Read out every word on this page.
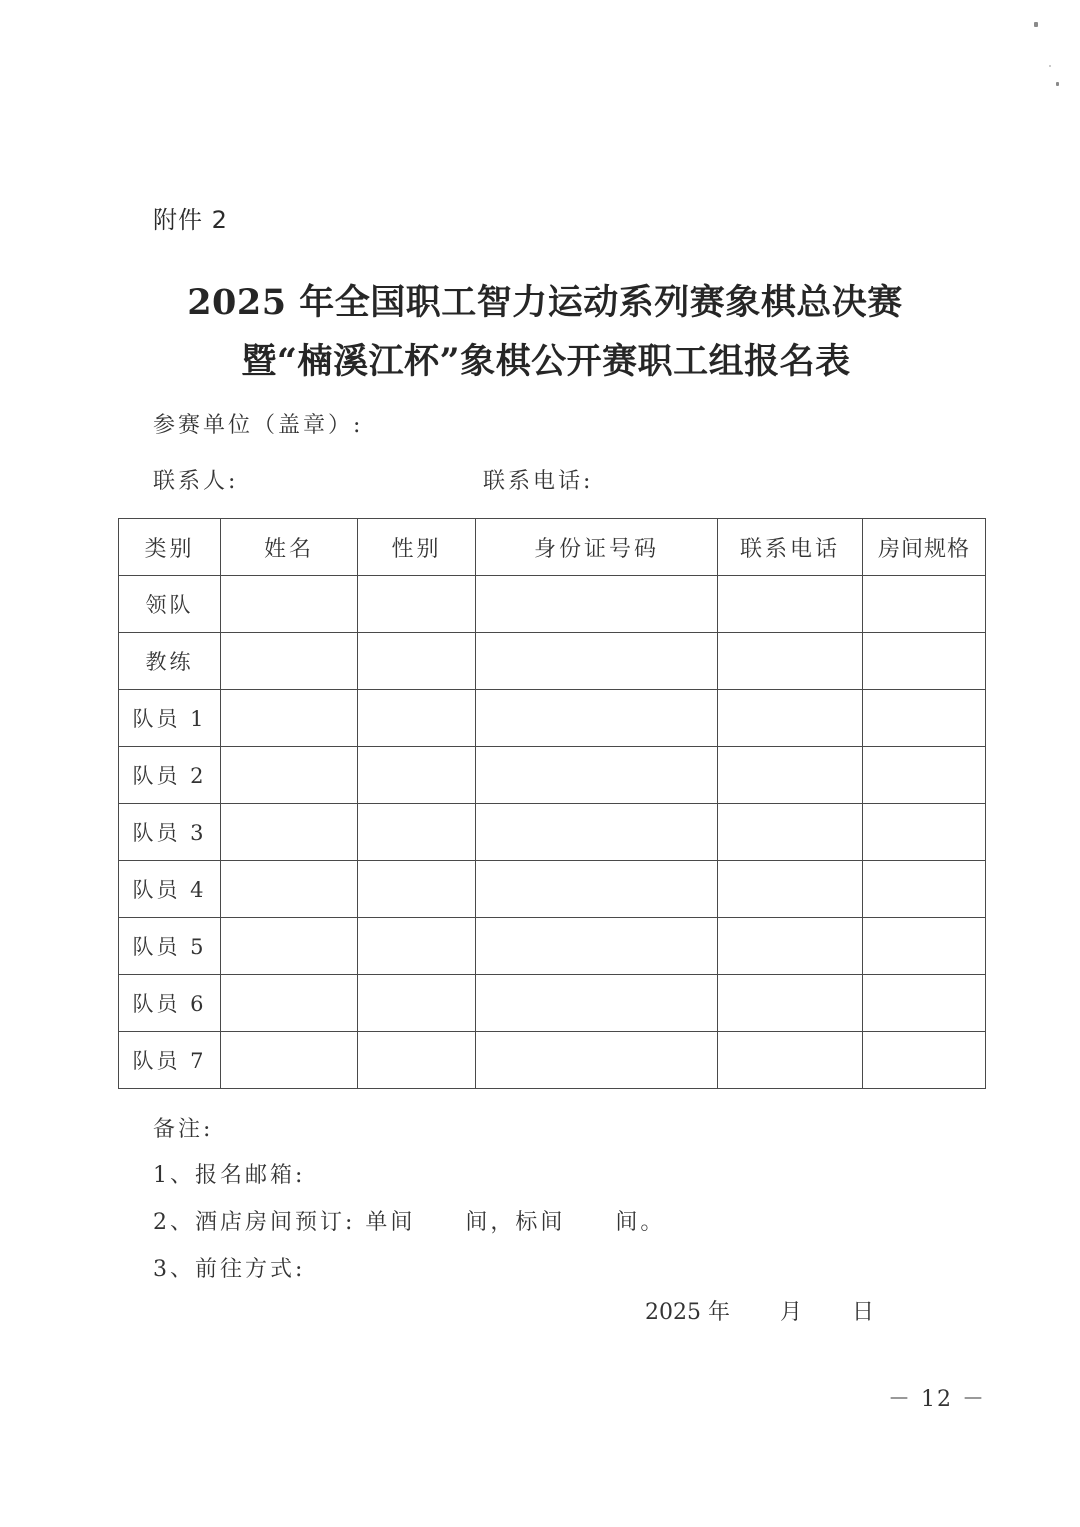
附件 2
2025 年全国职工智力运动系列赛象棋总决赛
暨“楠溪江杯”象棋公开赛职工组报名表
参赛单位（盖章）:
联系人:	联系电话:
类别	姓名	性别	身份证号码	联系电话	房间规格
领队					
教练					
队员 1					
队员 2					
队员 3					
队员 4					
队员 5					
队员 6					
队员 7					
备注:
1、报名邮箱:
2、酒店房间预订: 单间　　间，标间　　间。
3、前往方式:
2025 年 月 日
－ 12 －
